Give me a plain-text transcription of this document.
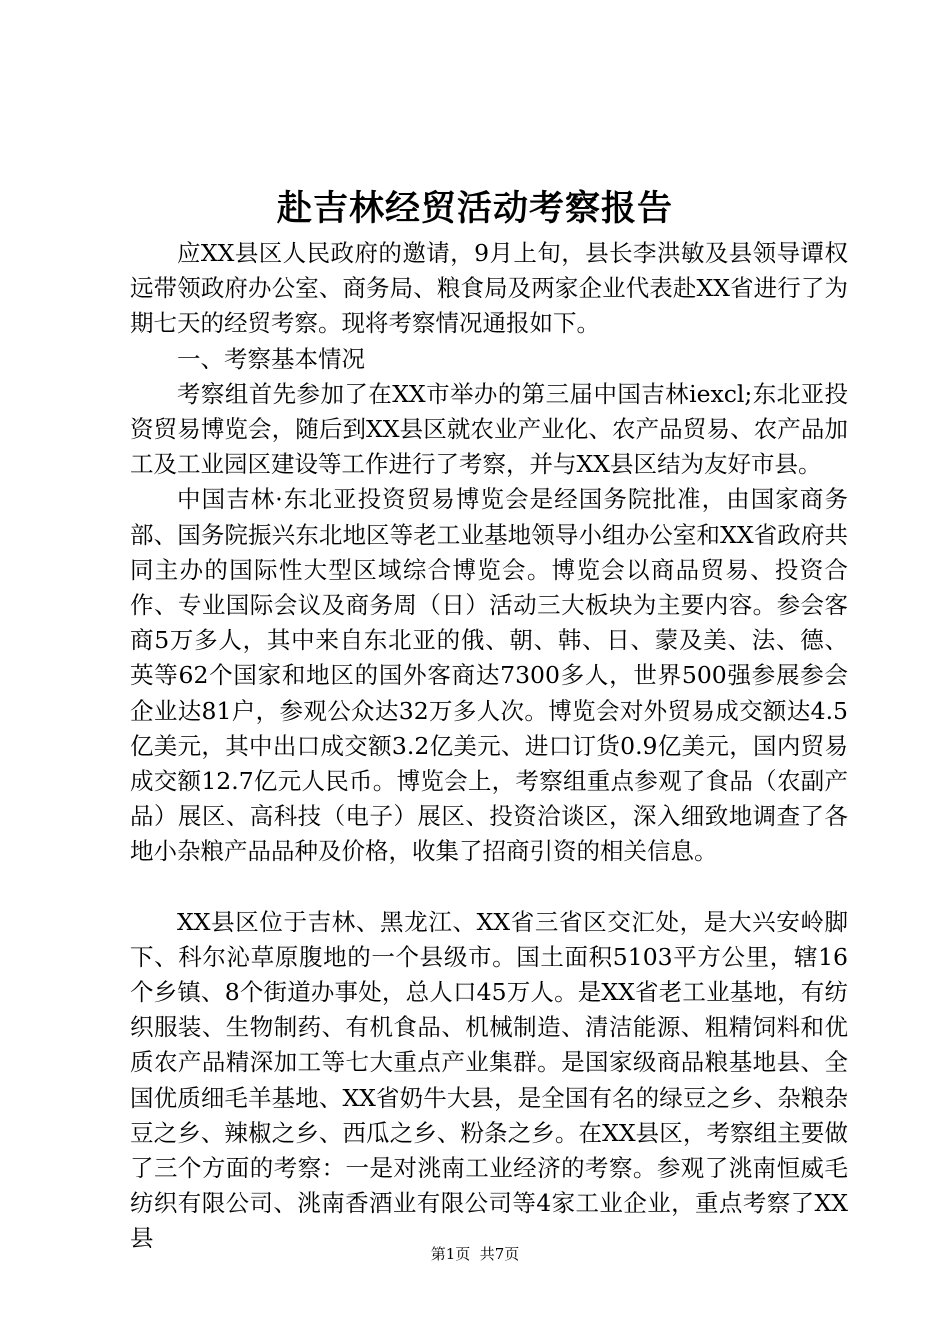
赴吉林经贸活动考察报告

应XX县区人民政府的邀请，9月上旬，县长李洪敏及县领导谭权远带领政府办公室、商务局、粮食局及两家企业代表赴XX省进行了为期七天的经贸考察。现将考察情况通报如下。

一、考察基本情况

考察组首先参加了在XX市举办的第三届中国吉林iexcl;东北亚投资贸易博览会，随后到XX县区就农业产业化、农产品贸易、农产品加工及工业园区建设等工作进行了考察，并与XX县区结为友好市县。

中国吉林·东北亚投资贸易博览会是经国务院批准，由国家商务部、国务院振兴东北地区等老工业基地领导小组办公室和XX省政府共同主办的国际性大型区域综合博览会。博览会以商品贸易、投资合作、专业国际会议及商务周（日）活动三大板块为主要内容。参会客商5万多人，其中来自东北亚的俄、朝、韩、日、蒙及美、法、德、英等62个国家和地区的国外客商达7300多人，世界500强参展参会企业达81户，参观公众达32万多人次。博览会对外贸易成交额达4.5亿美元，其中出口成交额3.2亿美元、进口订货0.9亿美元，国内贸易成交额12.7亿元人民币。博览会上，考察组重点参观了食品（农副产品）展区、高科技（电子）展区、投资洽谈区，深入细致地调查了各地小杂粮产品品种及价格，收集了招商引资的相关信息。

XX县区位于吉林、黑龙江、XX省三省区交汇处，是大兴安岭脚下、科尔沁草原腹地的一个县级市。国土面积5103平方公里，辖16个乡镇、8个街道办事处，总人口45万人。是XX省老工业基地，有纺织服装、生物制药、有机食品、机械制造、清洁能源、粗精饲料和优质农产品精深加工等七大重点产业集群。是国家级商品粮基地县、全国优质细毛羊基地、XX省奶牛大县，是全国有名的绿豆之乡、杂粮杂豆之乡、辣椒之乡、西瓜之乡、粉条之乡。在XX县区，考察组主要做了三个方面的考察：一是对洮南工业经济的考察。参观了洮南恒威毛纺织有限公司、洮南香酒业有限公司等4家工业企业，重点考察了XX县

第1页  共7页
